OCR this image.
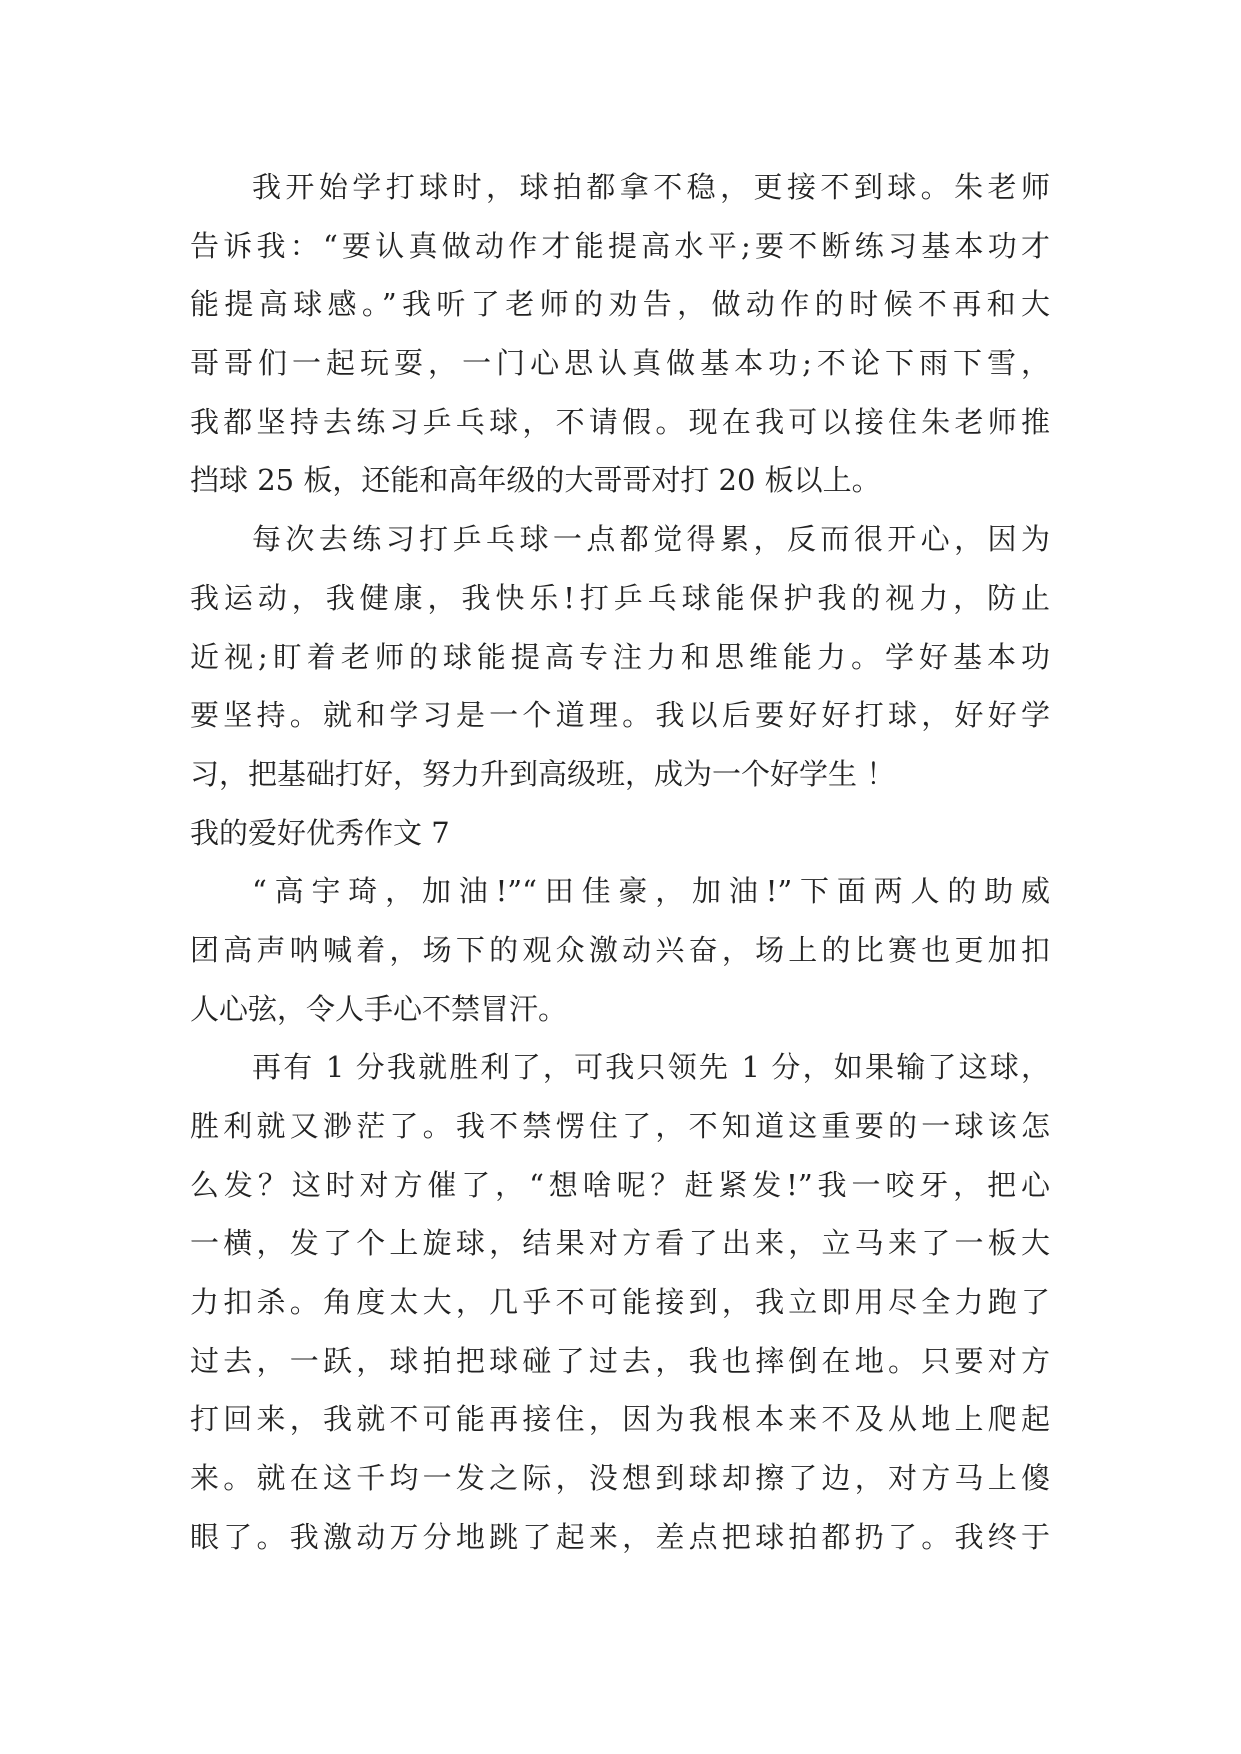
我开始学打球时，球拍都拿不稳，更接不到球。朱老师
告诉我：“要认真做动作才能提高水平;要不断练习基本功才
能提高球感。”我听了老师的劝告，做动作的时候不再和大
哥哥们一起玩耍，一门心思认真做基本功;不论下雨下雪，
我都坚持去练习乒乓球，不请假。现在我可以接住朱老师推
挡球 25 板，还能和高年级的大哥哥对打 20 板以上。
每次去练习打乒乓球一点都觉得累，反而很开心，因为
我运动，我健康，我快乐!打乒乓球能保护我的视力，防止
近视;盯着老师的球能提高专注力和思维能力。学好基本功
要坚持。就和学习是一个道理。我以后要好好打球，好好学
习，把基础打好，努力升到高级班，成为一个好学生 ！
我的爱好优秀作文 7
“高宇琦，加油!”“田佳豪，加油!”下面两人的助威
团高声呐喊着，场下的观众激动兴奋，场上的比赛也更加扣
人心弦，令人手心不禁冒汗。
再有 1 分我就胜利了，可我只领先 1 分，如果输了这球，
胜利就又渺茫了。我不禁愣住了，不知道这重要的一球该怎
么发？这时对方催了，“想啥呢？赶紧发!”我一咬牙，把心
一横，发了个上旋球，结果对方看了出来，立马来了一板大
力扣杀。角度太大，几乎不可能接到，我立即用尽全力跑了
过去，一跃，球拍把球碰了过去，我也摔倒在地。只要对方
打回来，我就不可能再接住，因为我根本来不及从地上爬起
来。就在这千均一发之际，没想到球却擦了边，对方马上傻
眼了。我激动万分地跳了起来，差点把球拍都扔了。我终于
